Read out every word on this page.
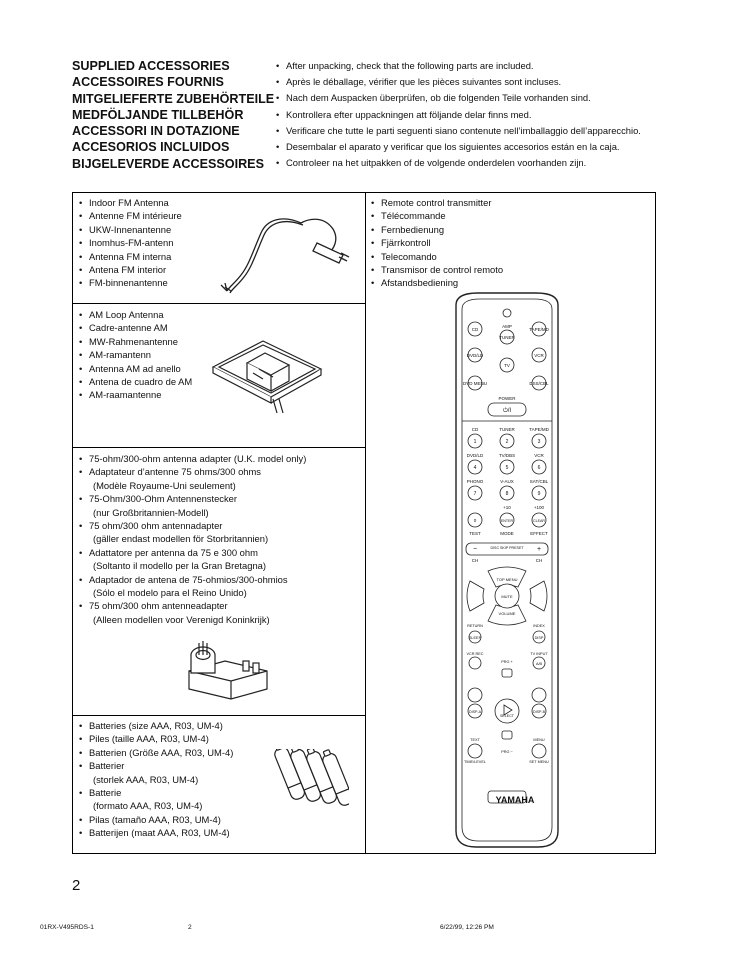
SUPPLIED ACCESSORIES
ACCESSOIRES FOURNIS
MITGELIEFERTE ZUBEHÖRTEILE
MEDFÖLJANDE TILLBEHÖR
ACCESSORI IN DOTAZIONE
ACCESORIOS INCLUIDOS
BIJGELEVERDE ACCESSOIRES
• After unpacking, check that the following parts are included.
• Après le déballage, vérifier que les pièces suivantes sont incluses.
• Nach dem Auspacken überprüfen, ob die folgenden Teile vorhanden sind.
• Kontrollera efter uppackningen att följande delar finns med.
• Verificare che tutte le parti seguenti siano contenute nell’imballaggio dell’apparecchio.
• Desembalar el aparato y verificar que los siguientes accesorios están en la caja.
• Controleer na het uitpakken of de volgende onderdelen voorhanden zijn.
• Indoor FM Antenna
• Antenne FM intérieure
• UKW-Innenantenne
• Inomhus-FM-antenn
• Antenna FM interna
• Antena FM interior
• FM-binnenantenne
• AM Loop Antenna
• Cadre-antenne AM
• MW-Rahmenantenne
• AM-ramantenn
• Antenna AM ad anello
• Antena de cuadro de AM
• AM-raamantenne
• 75-ohm/300-ohm antenna adapter (U.K. model only)
• Adaptateur d’antenne 75 ohms/300 ohms
(Modèle Royaume-Uni seulement)
• 75-Ohm/300-Ohm Antennenstecker
(nur Großbritannien-Modell)
• 75 ohm/300 ohm antennadapter
(gäller endast modellen för Storbritannien)
• Adattatore per antenna da 75 e 300 ohm
(Soltanto il modello per la Gran Bretagna)
• Adaptador de antena de 75-ohmios/300-ohmios
(Sólo el modelo para el Reino Unido)
• 75 ohm/300 ohm antenneadapter
(Alleen modellen voor Verenigd Koninkrijk)
• Batteries (size AAA, R03, UM-4)
• Piles (taille AAA, R03, UM-4)
• Batterien (Größe AAA, R03, UM-4)
• Batterier
(storlek AAA, R03, UM-4)
• Batterie
(formato AAA, R03, UM-4)
• Pilas (tamaño AAA, R03, UM-4)
• Batterijen (maat AAA, R03, UM-4)
• Remote control transmitter
• Télécommande
• Fernbedienung
• Fjärrkontroll
• Telecomando
• Transmisor de control remoto
• Afstandsbediening
CD
AMP
TAPE/MD
TUNER
DVD/LD	VCR
TV
DVD MENU	DSS/CBL
POWER
⏻/I
CD	TUNER	TAPE/MD
DVD/LD	TV/DBS	VCR
PHONO	V-AUX	SAT/CBL
+10	+100
TEST	MODE	EFFECT
1	2	3
4	5	6
7	8	9
0	ENTER	CLEAR
DISC SKIP PRESET
−	+
CH	CH
TOP MENU
MUTE
VOLUME
RETURN	INDEX
SLEEP	DISP
VCR REC	TV INPUT
A/B
PRG +
PRG −
DISP-A	DISP-B
SELECT
TEXT	MENU
TIME/LEVEL	SET MENU
YAMAHA
2
01RX-V495RDS-1	2	6/22/99, 12:26 PM
